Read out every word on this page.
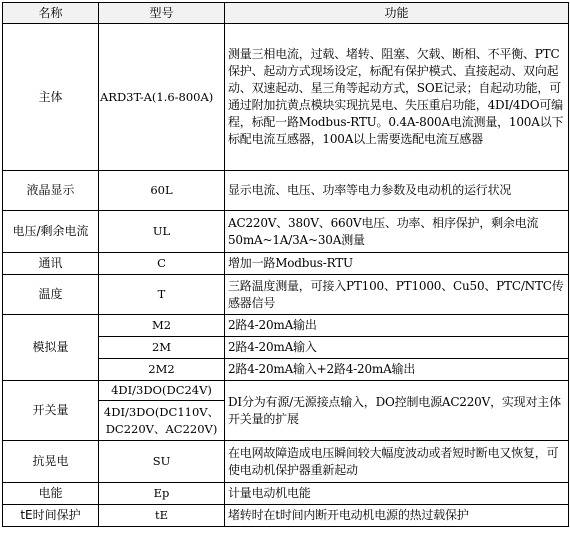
名称	型号	功能
主体	ARD3T-A(1.6-800A)	测量三相电流，过载、堵转、阻塞、欠载、断相、不平衡、PTC保护、起动方式现场设定，标配有保护模式、直接起动、双向起动、双速起动、星三角等起动方式，SOE记录；自起动功能，可通过附加抗黄点模块实现抗晃电、失压重启功能，4DI/4DO可编程，标配一路Modbus-RTU。0.4A-800A电流测量，100A以下标配电流互感器，100A以上需要选配电流互感器
液晶显示	60L	显示电流、电压、功率等电力参数及电动机的运行状况
电压/剩余电流	UL	AC220V、380V、660V电压、功率、相序保护，剩余电流50mA~1A/3A~30A测量
通讯	C	增加一路Modbus-RTU
温度	T	三路温度测量，可接入PT100、PT1000、Cu50、PTC/NTC传感器信号
模拟量	M2	2路4-20mA输出
	2M	2路4-20mA输入
	2M2	2路4-20mA输入+2路4-20mA输出
开关量	4DI/3DO(DC24V)	DI分为有源/无源接点输入，DO控制电源AC220V，实现对主体开关量的扩展
	4DI/3DO(DC110V、DC220V、AC220V)	
抗晃电	SU	在电网故障造成电压瞬间较大幅度波动或者短时断电又恢复，可使电动机保护器重新起动
电能	Ep	计量电动机电能
tE时间保护	tE	堵转时在t时间内断开电动机电源的热过载保护
